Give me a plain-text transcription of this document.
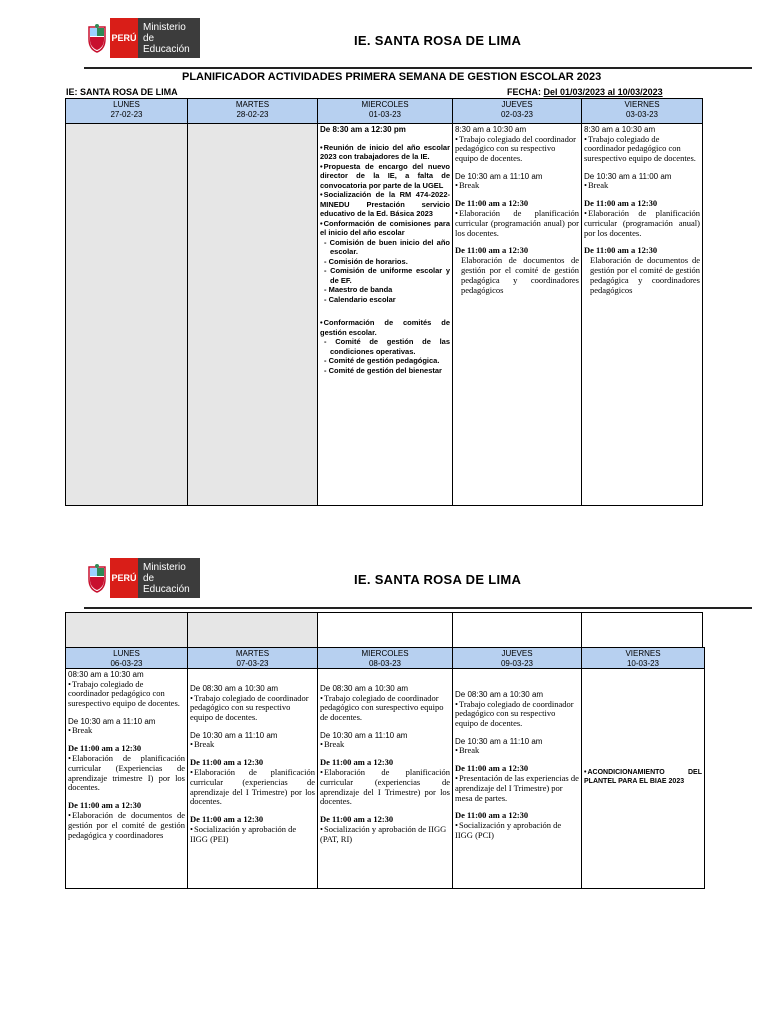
PERÚ
Ministerio
de Educación
IE. SANTA ROSA DE LIMA
PLANIFICADOR ACTIVIDADES PRIMERA SEMANA DE GESTION ESCOLAR 2023
IE: SANTA ROSA DE LIMA	FECHA: Del 01/03/2023 al 10/03/2023
LUNES
27-02-23
MARTES
28-02-23
MIERCOLES
01-03-23
JUEVES
02-03-23
VIERNES
03-03-23
De 8:30 am a 12:30 pm
• Reunión de inicio del año escolar 2023 con trabajadores de la IE.
• Propuesta de encargo del nuevo director de la IE, a falta de convocatoria por parte de la UGEL
• Socialización de la RM 474-2022-MINEDU Prestación servicio educativo de la Ed. Básica 2023
• Conformación de comisiones para el inicio del año escolar
- Comisión de buen inicio del año escolar.
- Comisión de horarios.
- Comisión de uniforme escolar y de EF.
- Maestro de banda
- Calendario escolar
• Conformación de comités de gestión escolar.
- Comité de gestión de las condiciones operativas.
- Comité de gestión pedagógica.
- Comité de gestión del bienestar
8:30 am a 10:30 am
• Trabajo colegiado del coordinador pedagógico con su respectivo equipo de docentes.
De 10:30 am a 11:10 am
• Break
De 11:00 am a 12:30
• Elaboración de planificación curricular (programación anual) por los docentes.
De 11:00 am a 12:30
Elaboración de documentos de gestión por el comité de gestión pedagógica y coordinadores pedagógicos
8:30 am a 10:30 am
• Trabajo colegiado de coordinador pedagógico con surespectivo equipo de docentes.
De 10:30 am a 11:00 am
• Break
De 11:00 am a 12:30
• Elaboración de planificación curricular (programación anual) por los docentes.
De 11:00 am a 12:30
Elaboración de documentos de gestión por el comité de gestión pedagógica y coordinadores pedagógicos
PERÚ
Ministerio
de Educación
IE. SANTA ROSA DE LIMA
LUNES
06-03-23
MARTES
07-03-23
MIERCOLES
08-03-23
JUEVES
09-03-23
VIERNES
10-03-23
08:30 am a 10:30 am
• Trabajo colegiado de coordinador pedagógico con surespectivo equipo de docentes.
De 10:30 am a 11:10 am
• Break
De 11:00 am a 12:30
• Elaboración de planificación curricular (Experiencias de aprendizaje trimestre I) por los docentes.
De 11:00 am a 12:30
• Elaboración de documentos de gestión por el comité de gestión pedagógica y coordinadores
De 08:30 am a 10:30 am
• Trabajo colegiado de coordinador pedagógico con su respectivo equipo de docentes.
De 10:30 am a 11:10 am
• Break
De 11:00 am a 12:30
• Elaboración de planificación curricular (experiencias de aprendizaje del I Trimestre) por los docentes.
De 11:00 am a 12:30
• Socialización y aprobación de IIGG (PEI)
De 08:30 am a 10:30 am
• Trabajo colegiado de coordinador pedagógico con surespectivo equipo de docentes.
De 10:30 am a 11:10 am
• Break
De 11:00 am a 12:30
• Elaboración de planificación curricular (experiencias de aprendizaje del I Trimestre) por los docentes.
De 11:00 am a 12:30
• Socialización y aprobación de IIGG (PAT, RI)
De 08:30 am a 10:30 am
• Trabajo colegiado de coordinador pedagógico con su respectivo equipo de docentes.
De 10:30 am a 11:10 am
• Break
De 11:00 am a 12:30
• Presentación de las experiencias de aprendizaje del I Trimestre) por mesa de partes.
De 11:00 am a 12:30
• Socialización y aprobación de IIGG (PCI)
• ACONDICIONAMIENTO DEL PLANTEL PARA EL BIAE 2023
